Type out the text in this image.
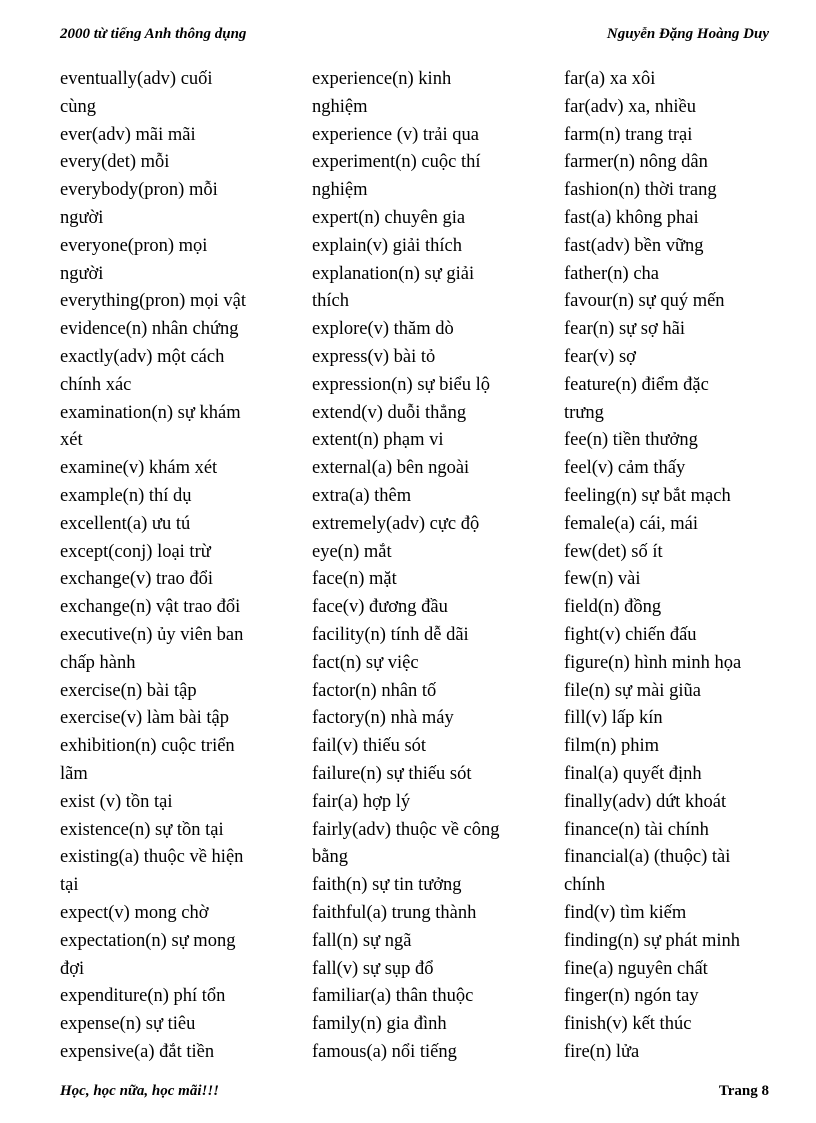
2000 từ tiếng Anh thông dụng	Nguyễn Đặng Hoàng Duy
eventually(adv) cuối
cùng
ever(adv) mãi mãi
every(det) mỗi
everybody(pron) mỗi
người
everyone(pron) mọi
người
everything(pron) mọi vật
evidence(n) nhân chứng
exactly(adv) một cách
chính xác
examination(n) sự khám
xét
examine(v) khám xét
example(n) thí dụ
excellent(a) ưu tú
except(conj) loại trừ
exchange(v) trao đổi
exchange(n) vật trao đổi
executive(n) ủy viên ban
chấp hành
exercise(n) bài tập
exercise(v) làm bài tập
exhibition(n) cuộc triển
lãm
exist (v) tồn tại
existence(n) sự tồn tại
existing(a) thuộc về hiện
tại
expect(v) mong chờ
expectation(n) sự mong
đợi
expenditure(n) phí tổn
expense(n) sự tiêu
expensive(a) đắt tiền
experience(n) kinh
nghiệm
experience (v) trải qua
experiment(n) cuộc thí
nghiệm
expert(n) chuyên gia
explain(v) giải thích
explanation(n) sự giải
thích
explore(v) thăm dò
express(v) bài tỏ
expression(n) sự biểu lộ
extend(v) duỗi thẳng
extent(n) phạm vi
external(a) bên ngoài
extra(a) thêm
extremely(adv) cực độ
eye(n) mắt
face(n) mặt
face(v) đương đầu
facility(n) tính dễ dãi
fact(n) sự việc
factor(n) nhân tố
factory(n) nhà máy
fail(v) thiếu sót
failure(n) sự thiếu sót
fair(a) hợp lý
fairly(adv) thuộc về công
bằng
faith(n) sự tin tưởng
faithful(a) trung thành
fall(n) sự ngã
fall(v) sự sụp đổ
familiar(a) thân thuộc
family(n) gia đình
famous(a) nổi tiếng
far(a) xa xôi
far(adv) xa, nhiều
farm(n) trang trại
farmer(n) nông dân
fashion(n) thời trang
fast(a) không phai
fast(adv) bền vững
father(n) cha
favour(n) sự quý mến
fear(n) sự sợ hãi
fear(v) sợ
feature(n) điểm đặc
trưng
fee(n) tiền thưởng
feel(v) cảm thấy
feeling(n) sự bắt mạch
female(a) cái, mái
few(det) số ít
few(n) vài
field(n) đồng
fight(v) chiến đấu
figure(n) hình minh họa
file(n) sự mài giũa
fill(v) lấp kín
film(n) phim
final(a) quyết định
finally(adv) dứt khoát
finance(n) tài chính
financial(a) (thuộc) tài
chính
find(v) tìm kiếm
finding(n) sự phát minh
fine(a) nguyên chất
finger(n) ngón tay
finish(v) kết thúc
fire(n) lửa
Học, học nữa, học mãi!!!	Trang 8
